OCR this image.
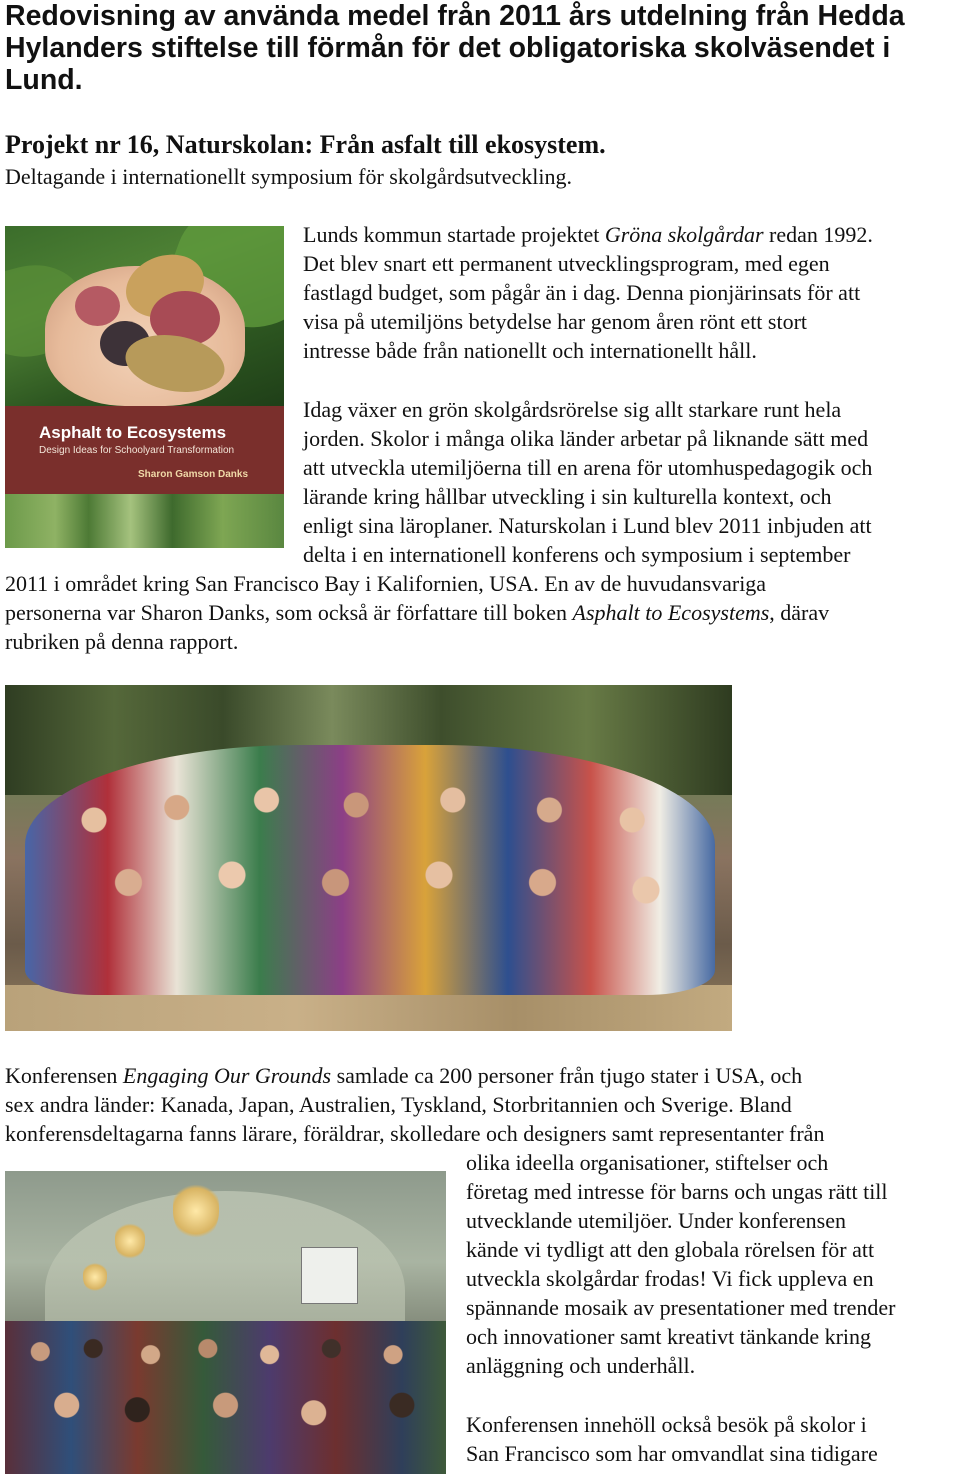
Redovisning av använda medel från 2011 års utdelning från Hedda Hylanders stiftelse till förmån för det obligatoriska skolväsendet i Lund.
Projekt nr 16, Naturskolan: Från asfalt till ekosystem.
Deltagande i internationellt symposium för skolgårdsutveckling.
Asphalt to Ecosystems
Design Ideas for Schoolyard Transformation
Sharon Gamson Danks
Lunds kommun startade projektet Gröna skolgårdar redan 1992.
Det blev snart ett permanent utvecklingsprogram, med egen
fastlagd budget, som pågår än i dag. Denna pionjärinsats för att
visa på utemiljöns betydelse har genom åren rönt ett stort
intresse både från nationellt och internationellt håll.
Idag växer en grön skolgårdsrörelse sig allt starkare runt hela
jorden. Skolor i många olika länder arbetar på liknande sätt med
att utveckla utemiljöerna till en arena för utomhuspedagogik och
lärande kring hållbar utveckling i sin kulturella kontext, och
enligt sina läroplaner. Naturskolan i Lund blev 2011 inbjuden att
delta i en internationell konferens och symposium i september
2011 i området kring San Francisco Bay i Kalifornien, USA. En av de huvudansvariga
personerna var Sharon Danks, som också är författare till boken Asphalt to Ecosystems, därav
rubriken på denna rapport.
Konferensen Engaging Our Grounds samlade ca 200 personer från tjugo stater i USA, och
sex andra länder: Kanada, Japan, Australien, Tyskland, Storbritannien och Sverige. Bland
konferensdeltagarna fanns lärare, föräldrar, skolledare och designers samt representanter från
olika ideella organisationer, stiftelser och
företag med intresse för barns och ungas rätt till
utvecklande utemiljöer. Under konferensen
kände vi tydligt att den globala rörelsen för att
utveckla skolgårdar frodas! Vi fick uppleva en
spännande mosaik av presentationer med trender
och innovationer samt kreativt tänkande kring
anläggning och underhåll.
Konferensen innehöll också besök på skolor i
San Francisco som har omvandlat sina tidigare
